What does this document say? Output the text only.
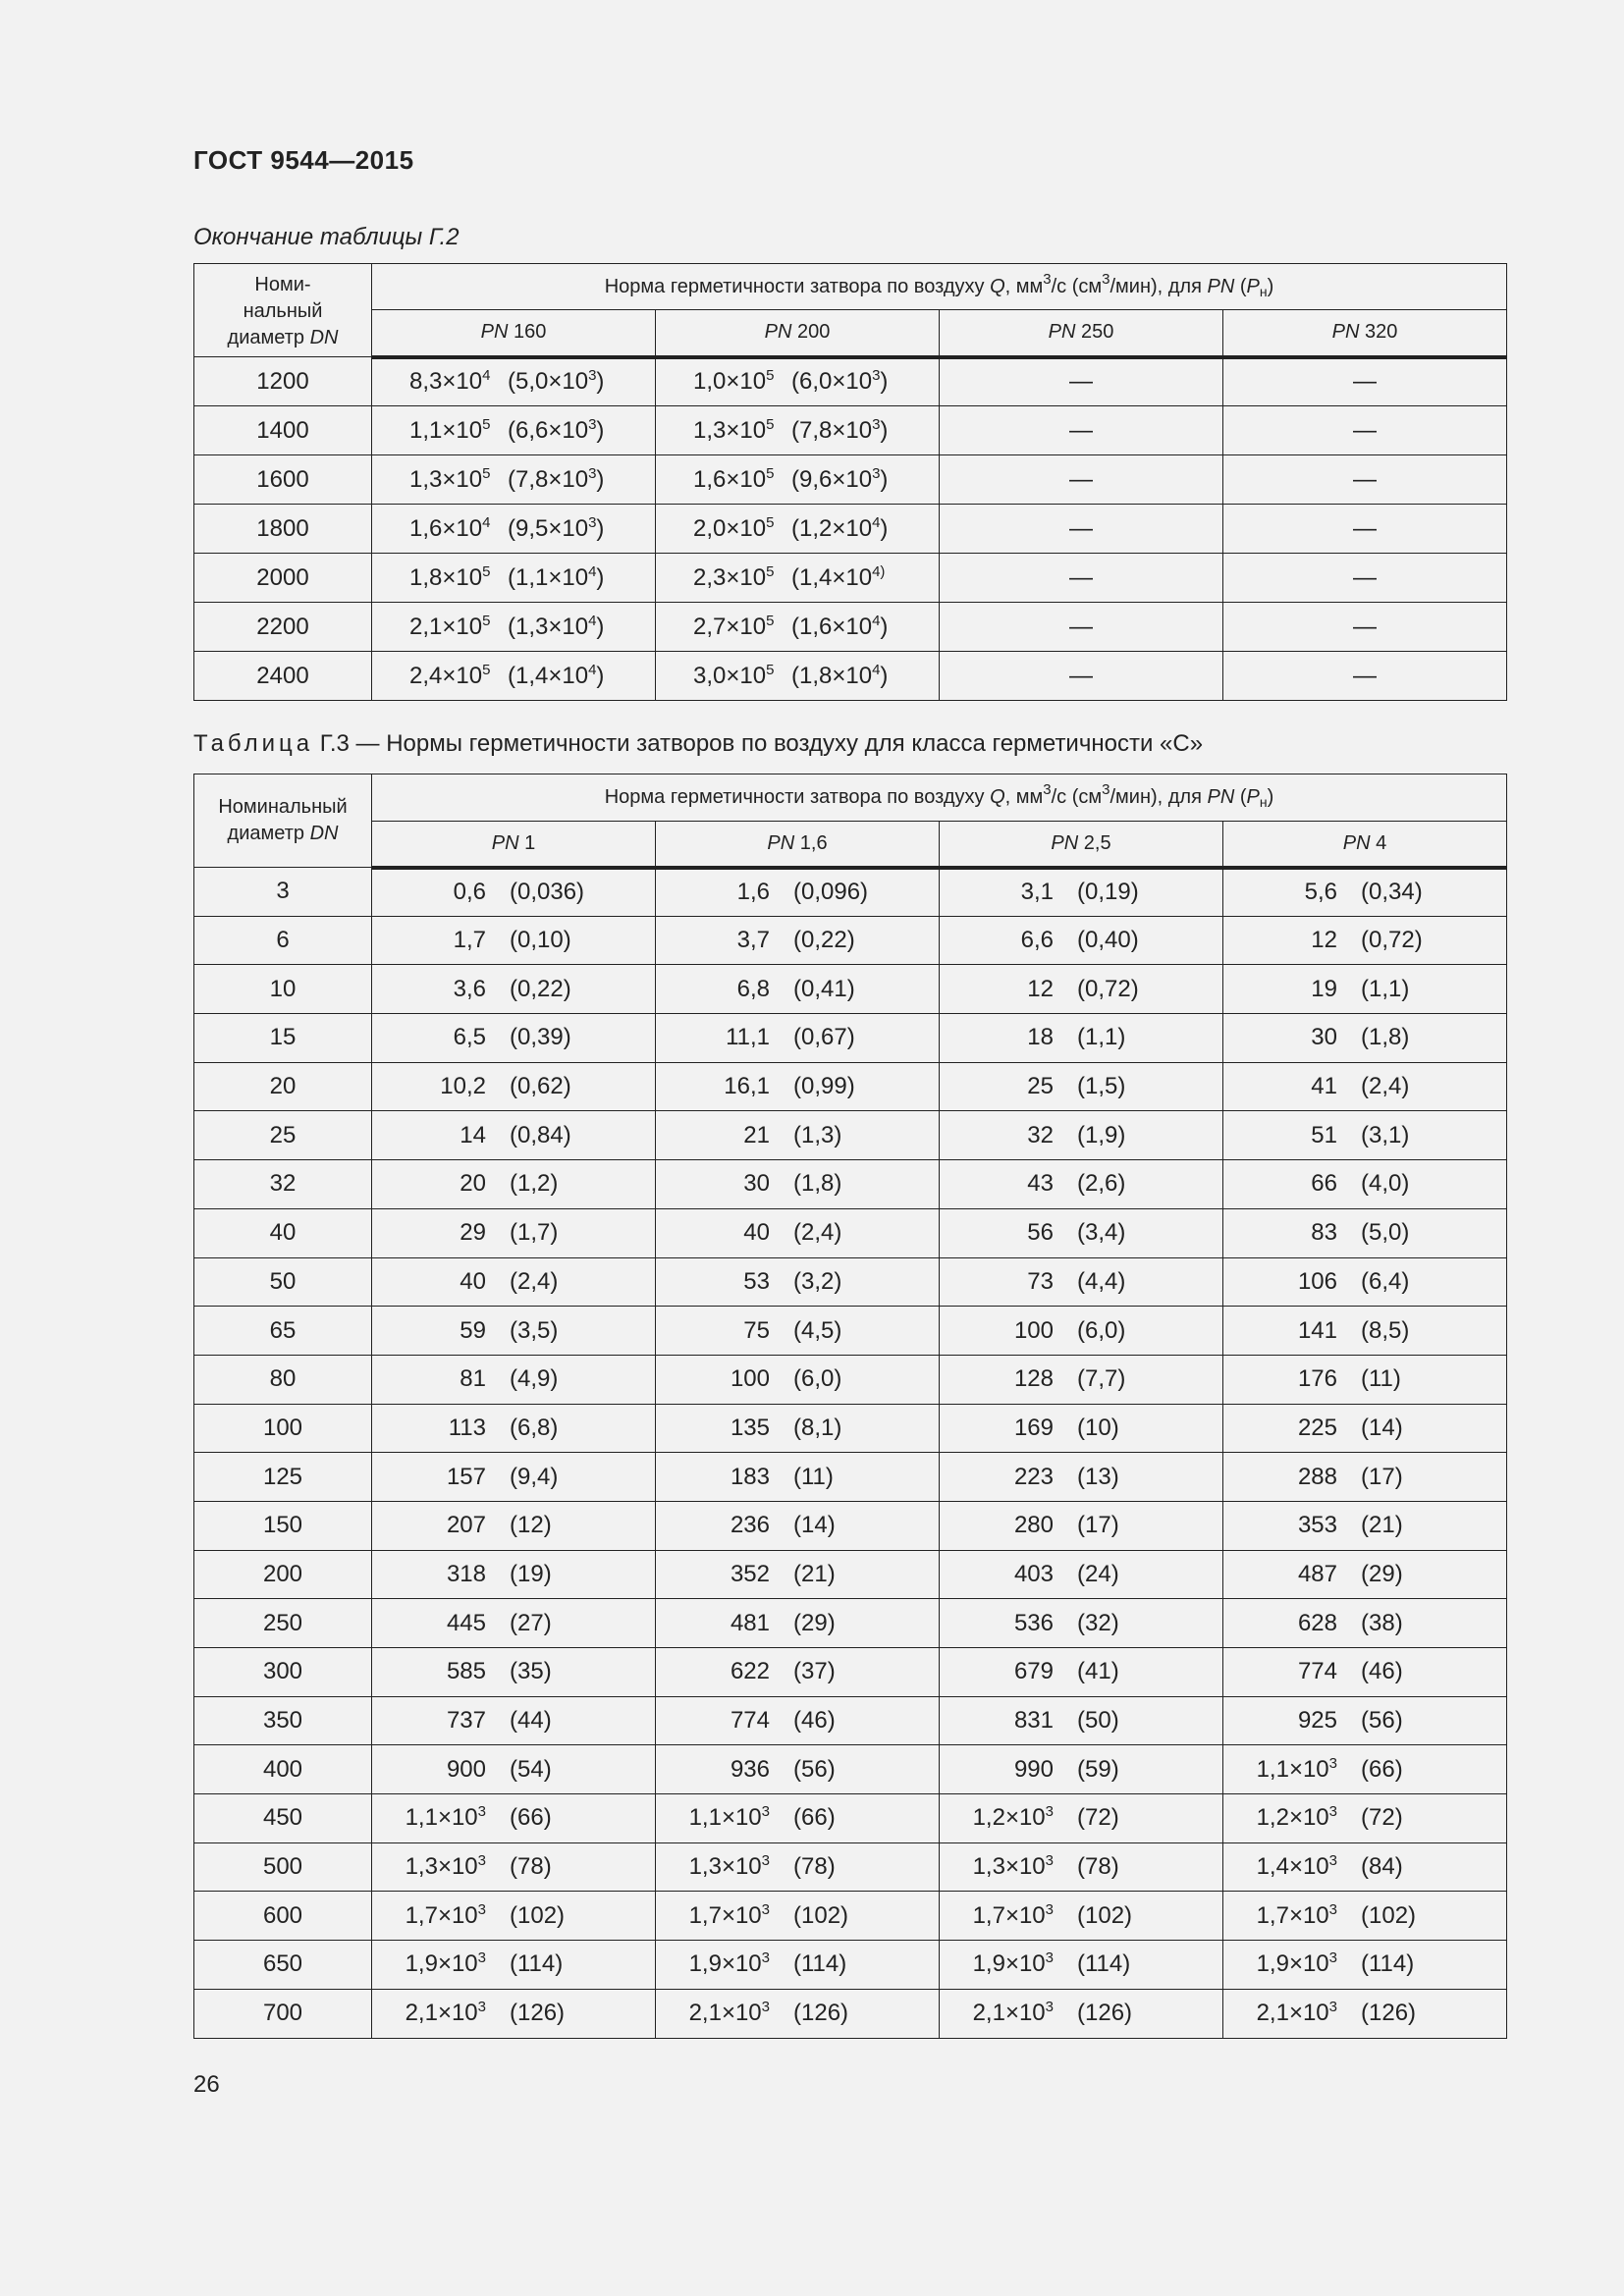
ГОСТ 9544—2015
Окончание таблицы Г.2
Номи-
нальный
диаметр DN	Норма герметичности затвора по воздуху Q, $мм^3/с$ $(см^3/мин)$, для PN $(P_н)$			
	PN 160	PN 200	PN 250	PN 320
1200	$8,3\times 10^4$ $(5,0\times 10^3)$	$1,0\times 10^5$ $(6,0\times 10^3)$	—	—
1400	$1,1\times 10^5$ $(6,6\times 10^3)$	$1,3\times 10^5$ $(7,8\times 10^3)$	—	—
1600	$1,3\times 10^5$ $(7,8\times 10^3)$	$1,6\times 10^5$ $(9,6\times 10^3)$	—	—
1800	$1,6\times 10^4$ $(9,5\times 10^3)$	$2,0\times 10^5$ $(1,2\times 10^4)$	—	—
2000	$1,8\times 10^5$ $(1,1\times 10^4)$	$2,3\times 10^5$ ($1,4\times 10^{4)}$	—	—
2200	$2,1\times 10^5$ $(1,3\times 10^4)$	$2,7\times 10^5$ $(1,6\times 10^4)$	—	—
2400	$2,4\times 10^5$ $(1,4\times 10^4)$	$3,0\times 10^5$ $(1,8\times 10^4)$	—	—
Таблица Г.3 — Нормы герметичности затворов по воздуху для класса герметичности «С»
Номинальный
диаметр DN	Норма герметичности затвора по воздуху Q, $мм^3/с$ $(см^3/мин)$, для PN $(P_н)$			
	PN 1	PN 1,6	PN 2,5	PN 4
3	0,6 (0,036)	1,6 (0,096)	3,1 (0,19)	5,6 (0,34)

6	1,7 (0,10)	3,7 (0,22)	6,6 (0,40)	12 (0,72)

10	3,6 (0,22)	6,8 (0,41)	12 (0,72)	19 (1,1)

15	6,5 (0,39)	11,1 (0,67)	18 (1,1)	30 (1,8)

20	10,2 (0,62)	16,1 (0,99)	25 (1,5)	41 (2,4)

25	14 (0,84)	21 (1,3)	32 (1,9)	51 (3,1)

32	20 (1,2)	30 (1,8)	43 (2,6)	66 (4,0)

40	29 (1,7)	40 (2,4)	56 (3,4)	83 (5,0)

50	40 (2,4)	53 (3,2)	73 (4,4)	106 (6,4)

65	59 (3,5)	75 (4,5)	100 (6,0)	141 (8,5)

80	81 (4,9)	100 (6,0)	128 (7,7)	176 (11)

100	113 (6,8)	135 (8,1)	169 (10)	225 (14)

125	157 (9,4)	183 (11)	223 (13)	288 (17)

150	207 (12)	236 (14)	280 (17)	353 (21)

200	318 (19)	352 (21)	403 (24)	487 (29)

250	445 (27)	481 (29)	536 (32)	628 (38)

300	585 (35)	622 (37)	679 (41)	774 (46)

350	737 (44)	774 (46)	831 (50)	925 (56)

400	900 (54)	936 (56)	990 (59)	$1,1\times 10^3$ (66)

450	$1,1\times 10^3$ (66)	$1,1\times 10^3$ (66)	$1,2\times 10^3$ (72)	$1,2\times 10^3$ (72)

500	$1,3\times 10^3$ (78)	$1,3\times 10^3$ (78)	$1,3\times 10^3$ (78)	$1,4\times 10^3$ (84)

600	$1,7\times 10^3$ (102)	$1,7\times 10^3$ (102)	$1,7\times 10^3$ (102)	$1,7\times 10^3$ (102)

650	$1,9\times 10^3$ (114)	$1,9\times 10^3$ (114)	$1,9\times 10^3$ (114)	$1,9\times 10^3$ (114)

700	$2,1\times 10^3$ (126)	$2,1\times 10^3$ (126)	$2,1\times 10^3$ (126)	$2,1\times 10^3$ (126)
26
